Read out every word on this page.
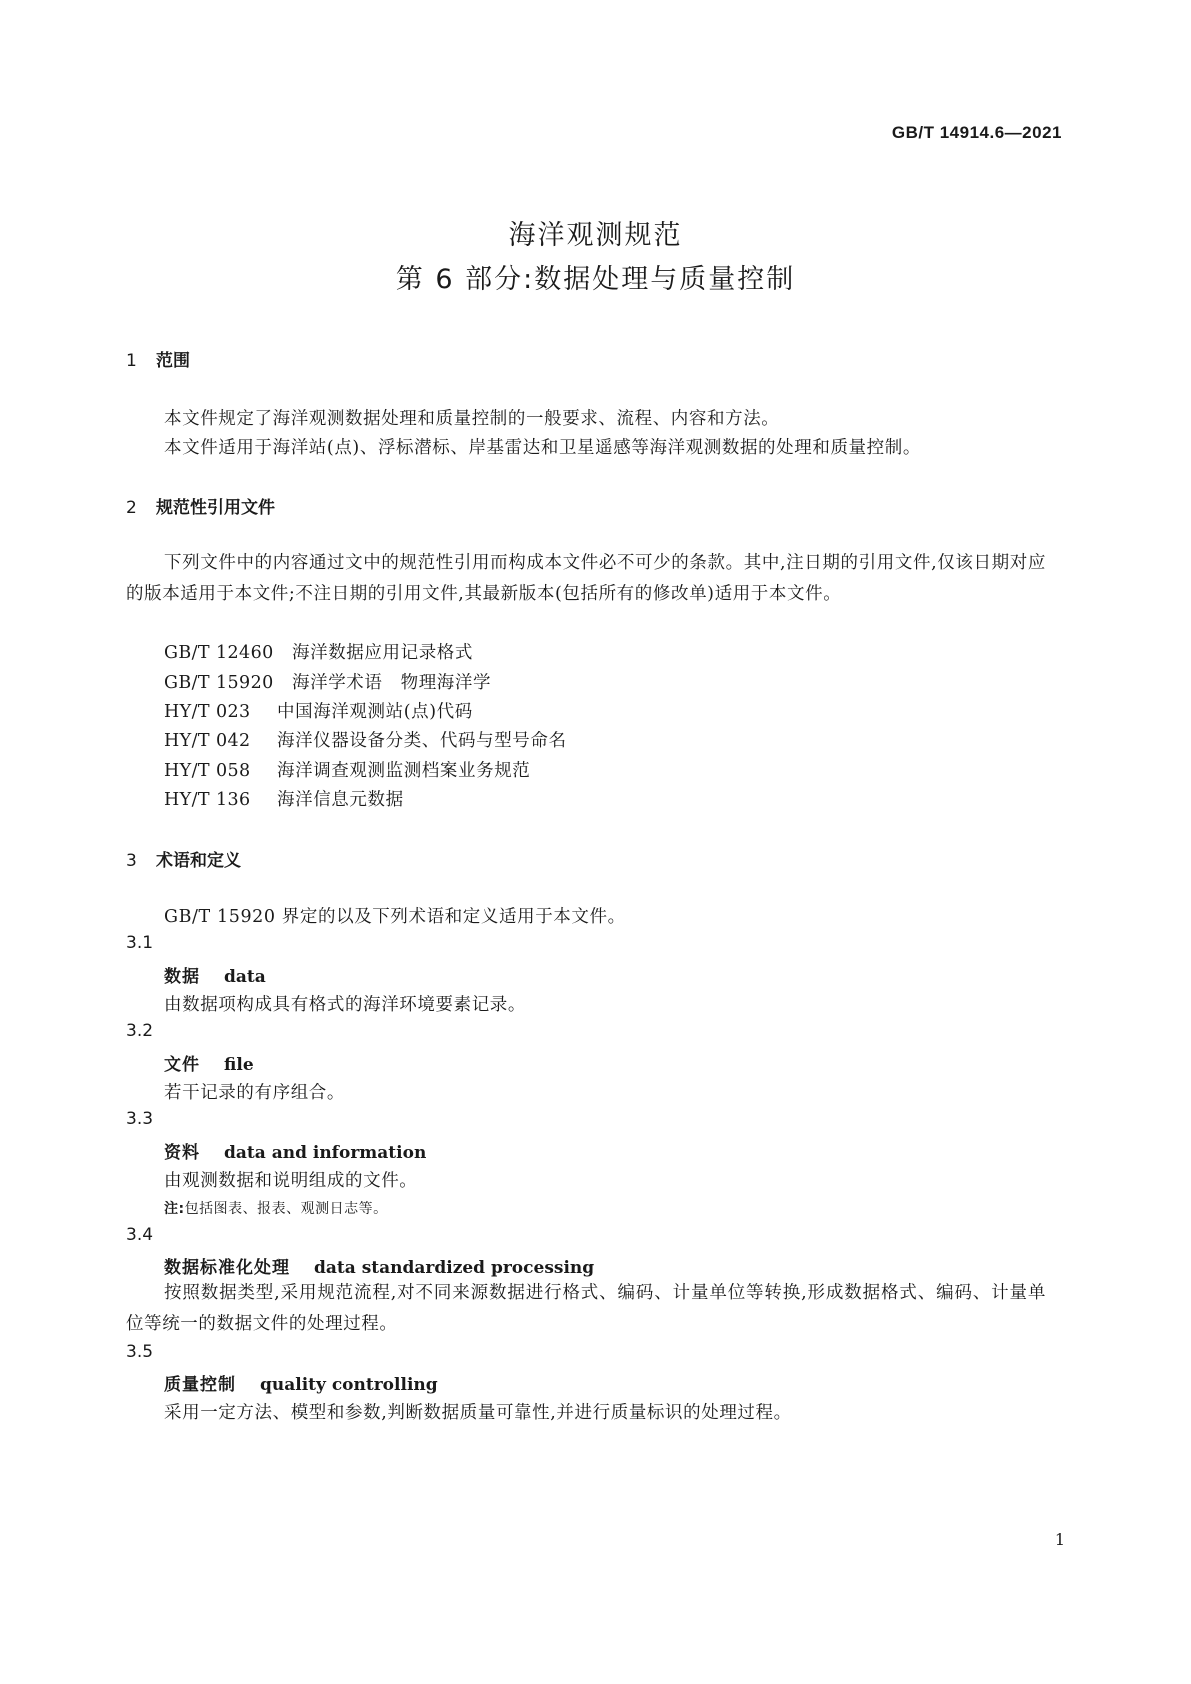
GB/T 14914.6—2021
海洋观测规范
第 6 部分:数据处理与质量控制
1 范围
本文件规定了海洋观测数据处理和质量控制的一般要求、流程、内容和方法。
本文件适用于海洋站(点)、浮标潜标、岸基雷达和卫星遥感等海洋观测数据的处理和质量控制。
2 规范性引用文件
下列文件中的内容通过文中的规范性引用而构成本文件必不可少的条款。其中,注日期的引用文件,仅该日期对应的版本适用于本文件;不注日期的引用文件,其最新版本(包括所有的修改单)适用于本文件。
GB/T 12460 海洋数据应用记录格式
GB/T 15920 海洋学术语　物理海洋学
HY/T 023 中国海洋观测站(点)代码
HY/T 042 海洋仪器设备分类、代码与型号命名
HY/T 058 海洋调查观测监测档案业务规范
HY/T 136 海洋信息元数据
3 术语和定义
GB/T 15920 界定的以及下列术语和定义适用于本文件。
3.1
数据 data
由数据项构成具有格式的海洋环境要素记录。
3.2
文件 file
若干记录的有序组合。
3.3
资料 data and information
由观测数据和说明组成的文件。
注:包括图表、报表、观测日志等。
3.4
数据标准化处理 data standardized processing
按照数据类型,采用规范流程,对不同来源数据进行格式、编码、计量单位等转换,形成数据格式、编码、计量单位等统一的数据文件的处理过程。
3.5
质量控制 quality controlling
采用一定方法、模型和参数,判断数据质量可靠性,并进行质量标识的处理过程。
1
